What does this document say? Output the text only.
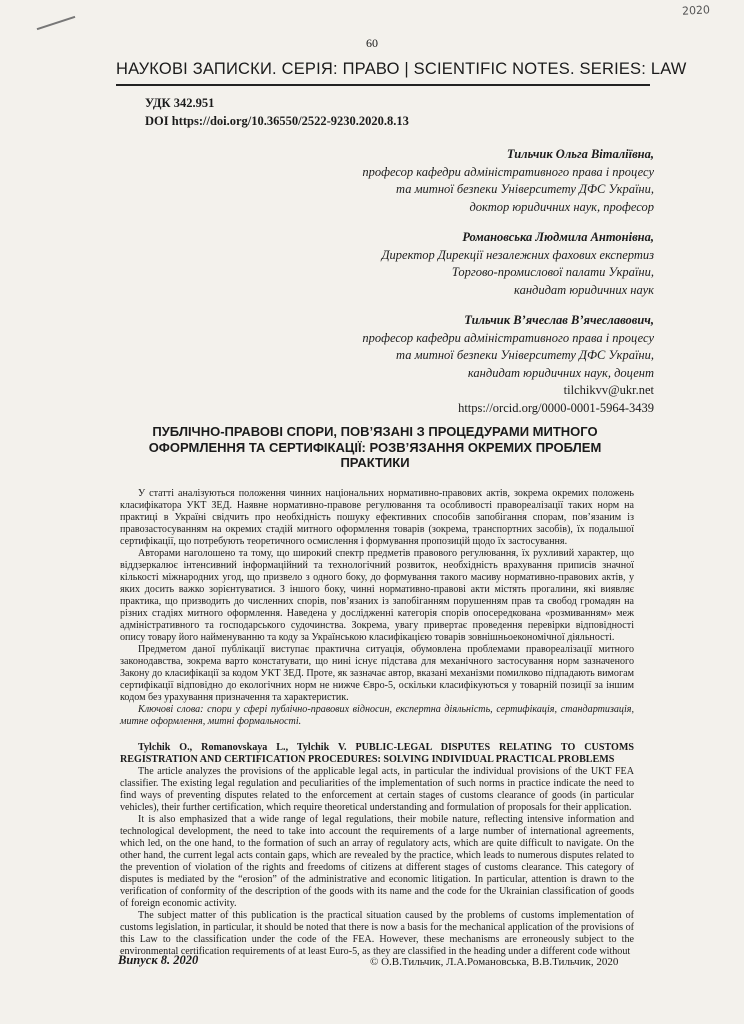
2020
60
НАУКОВІ ЗАПИСКИ. СЕРІЯ: ПРАВО | SCIENTIFIC NOTES. SERIES: LAW
УДК 342.951
DOI https://doi.org/10.36550/2522-9230.2020.8.13
Тильчик Ольга Віталіївна,
професор кафедри адміністративного права і процесу
та митної безпеки Університету ДФС України,
доктор юридичних наук, професор
Романовська Людмила Антонівна,
Директор Дирекції незалежних фахових експертиз
Торгово-промислової палати України,
кандидат юридичних наук
Тильчик В’ячеслав В’ячеславович,
професор кафедри адміністративного права і процесу
та митної безпеки Університету ДФС України,
кандидат юридичних наук, доцент
tilchikvv@ukr.net
https://orcid.org/0000-0001-5964-3439
ПУБЛІЧНО-ПРАВОВІ СПОРИ, ПОВ’ЯЗАНІ З ПРОЦЕДУРАМИ МИТНОГО ОФОРМЛЕННЯ ТА СЕРТИФІКАЦІЇ: РОЗВ’ЯЗАННЯ ОКРЕМИХ ПРОБЛЕМ ПРАКТИКИ

У статті аналізуються положення чинних національних нормативно-правових актів, зокрема окремих положень класифікатора УКТ ЗЕД. Наявне нормативно-правове регулювання та особливості правореалізації таких норм на практиці в Україні свідчить про необхідність пошуку ефективних способів запобігання спорам, пов’язаним із правозастосуванням на окремих стадій митного оформлення товарів (зокрема, транспортних засобів), їх подальшої сертифікації, що потребують теоретичного осмислення і формування пропозицій щодо їх застосування.

Авторами наголошено та тому, що широкий спектр предметів правового регулювання, їх рухливий характер, що віддзеркалює інтенсивний інформаційний та технологічний розвиток, необхідність врахування приписів значної кількості міжнародних угод, що призвело з одного боку, до формування такого масиву нормативно-правових актів, у яких досить важко зорієнтуватися. З іншого боку, чинні нормативно-правові акти містять прогалини, які виявляє практика, що призводить до численних спорів, пов’язаних із запобіганням порушенням прав та свобод громадян на різних стадіях митного оформлення. Наведена у дослідженні категорія спорів опосередкована «розмиванням» меж адміністративного та господарського судочинства. Зокрема, увагу привертає проведення перевірки відповідності опису товару його найменуванню та коду за Українською класифікацією товарів зовнішньоекономічної діяльності.

Предметом даної публікації виступає практична ситуація, обумовлена проблемами правореалізації митного законодавства, зокрема варто констатувати, що нині існує підстава для механічного застосування норм зазначеного Закону до класифікації за кодом УКТ ЗЕД. Проте, як зазначає автор, вказані механізми помилково підпадають вимогам сертифікації відповідно до екологічних норм не нижче Євро-5, оскільки класифікуються у товарній позиції за іншим кодом без урахування призначення та характеристик.

Ключові слова: спори у сфері публічно-правових відносин, експертна діяльність, сертифікація, стандартизація, митне оформлення, митні формальності.

Tylchik O., Romanovskaya L., Tylchik V. PUBLIC-LEGAL DISPUTES RELATING TO CUSTOMS REGISTRATION AND CERTIFICATION PROCEDURES: SOLVING INDIVIDUAL PRACTICAL PROBLEMS

The article analyzes the provisions of the applicable legal acts, in particular the individual provisions of the UKT FEA classifier. The existing legal regulation and peculiarities of the implementation of such norms in practice indicate the need to find ways of preventing disputes related to the enforcement at certain stages of customs clearance of goods (in particular vehicles), their further certification, which require theoretical understanding and formulation of proposals for their application.

It is also emphasized that a wide range of legal regulations, their mobile nature, reflecting intensive information and technological development, the need to take into account the requirements of a large number of international agreements, which led, on the one hand, to the formation of such an array of regulatory acts, which are quite difficult to navigate. On the other hand, the current legal acts contain gaps, which are revealed by the practice, which leads to numerous disputes related to the prevention of violation of the rights and freedoms of citizens at different stages of customs clearance. This category of disputes is mediated by the “erosion” of the administrative and economic litigation. In particular, attention is drawn to the verification of conformity of the description of the goods with its name and the code for the Ukrainian classification of goods of foreign economic activity.

The subject matter of this publication is the practical situation caused by the problems of customs implementation of customs legislation, in particular, it should be noted that there is now a basis for the mechanical application of the provisions of this Law to the classification under the code of the FEA. However, these mechanisms are erroneously subject to the environmental certification requirements of at least Euro-5, as they are classified in the heading under a different code without

Випуск 8. 2020	© О.В.Тильчик, Л.А.Романовська, В.В.Тильчик, 2020
